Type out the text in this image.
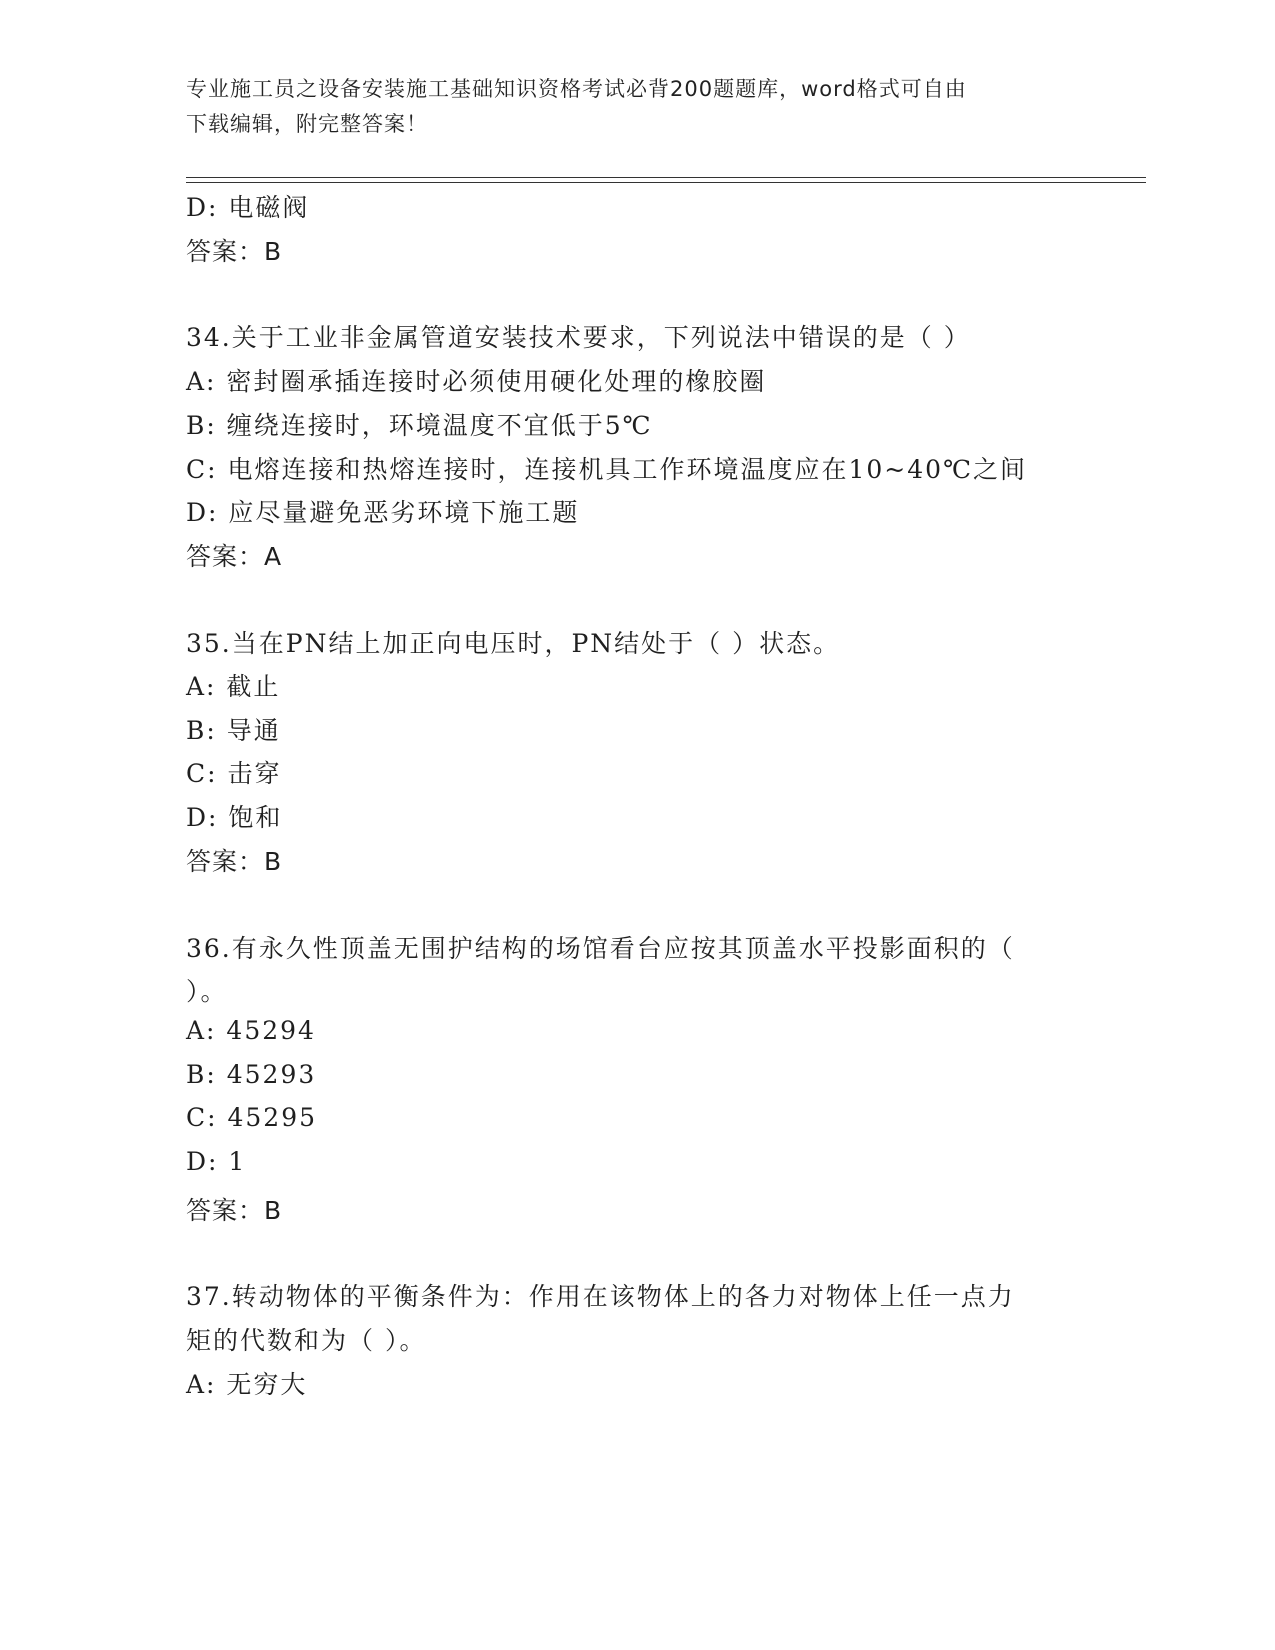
专业施工员之设备安装施工基础知识资格考试必背200题题库，word格式可自由
下载编辑，附完整答案！
D: 电磁阀
答案：B
34.关于工业非金属管道安装技术要求，下列说法中错误的是（ ）
A: 密封圈承插连接时必须使用硬化处理的橡胶圈
B: 缠绕连接时，环境温度不宜低于5℃
C: 电熔连接和热熔连接时，连接机具工作环境温度应在10~40℃之间
D: 应尽量避免恶劣环境下施工题
答案：A
35.当在PN结上加正向电压时，PN结处于（ ）状态。
A: 截止
B: 导通
C: 击穿
D: 饱和
答案：B
36.有永久性顶盖无围护结构的场馆看台应按其顶盖水平投影面积的（
）。
A: 45294
B: 45293
C: 45295
D: 1
答案：B
37.转动物体的平衡条件为：作用在该物体上的各力对物体上任一点力
矩的代数和为（ ）。
A: 无穷大
